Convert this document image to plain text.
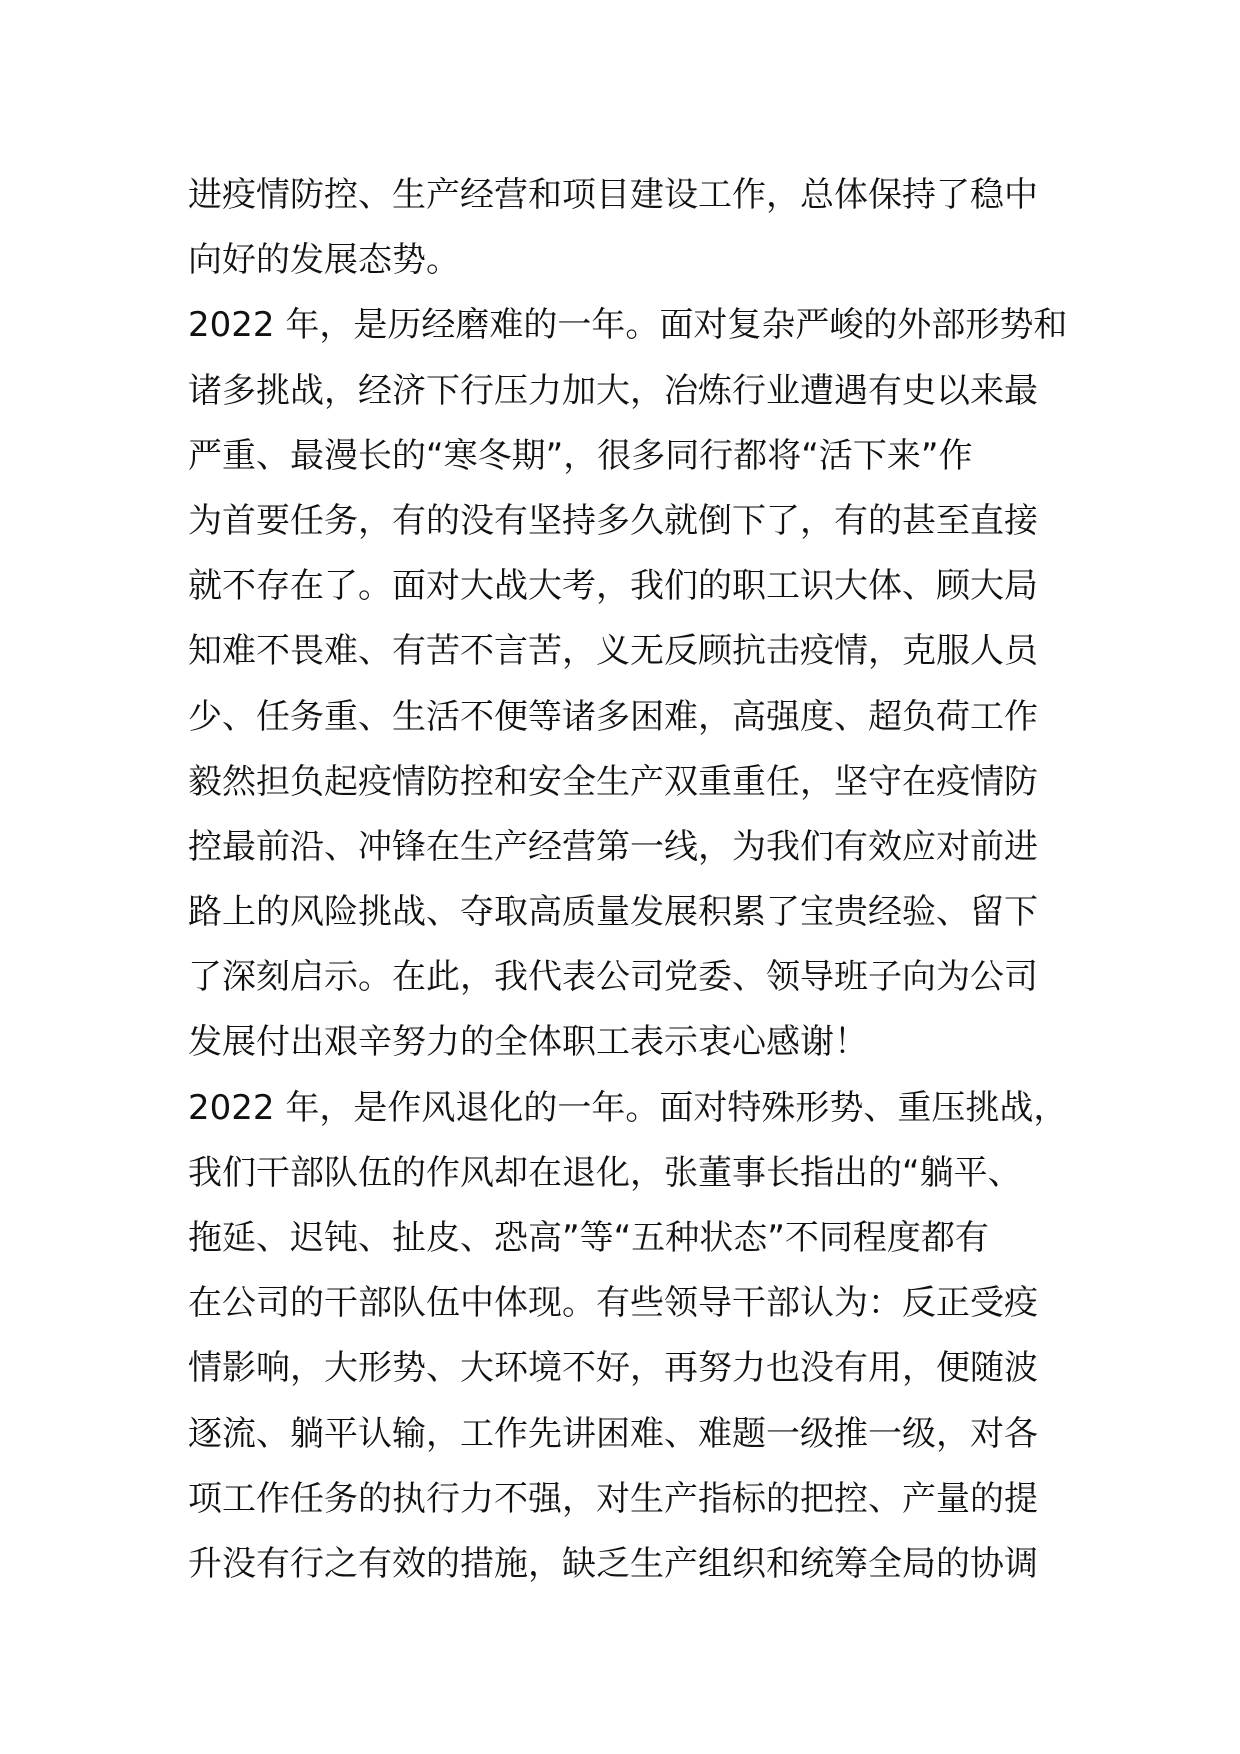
进疫情防控、生产经营和项目建设工作，总体保持了稳中
向好的发展态势。
2022 年，是历经磨难的一年。面对复杂严峻的外部形势和
诸多挑战，经济下行压力加大，冶炼行业遭遇有史以来最
严重、最漫长的“寒冬期”，很多同行都将“活下来”作
为首要任务，有的没有坚持多久就倒下了，有的甚至直接
就不存在了。面对大战大考，我们的职工识大体、顾大局
知难不畏难、有苦不言苦，义无反顾抗击疫情，克服人员
少、任务重、生活不便等诸多困难，高强度、超负荷工作
毅然担负起疫情防控和安全生产双重重任，坚守在疫情防
控最前沿、冲锋在生产经营第一线，为我们有效应对前进
路上的风险挑战、夺取高质量发展积累了宝贵经验、留下
了深刻启示。在此，我代表公司党委、领导班子向为公司
发展付出艰辛努力的全体职工表示衷心感谢！
2022 年，是作风退化的一年。面对特殊形势、重压挑战，
我们干部队伍的作风却在退化，张董事长指出的“躺平、
拖延、迟钝、扯皮、恐高”等“五种状态”不同程度都有
在公司的干部队伍中体现。有些领导干部认为：反正受疫
情影响，大形势、大环境不好，再努力也没有用，便随波
逐流、躺平认输，工作先讲困难、难题一级推一级，对各
项工作任务的执行力不强，对生产指标的把控、产量的提
升没有行之有效的措施，缺乏生产组织和统筹全局的协调
